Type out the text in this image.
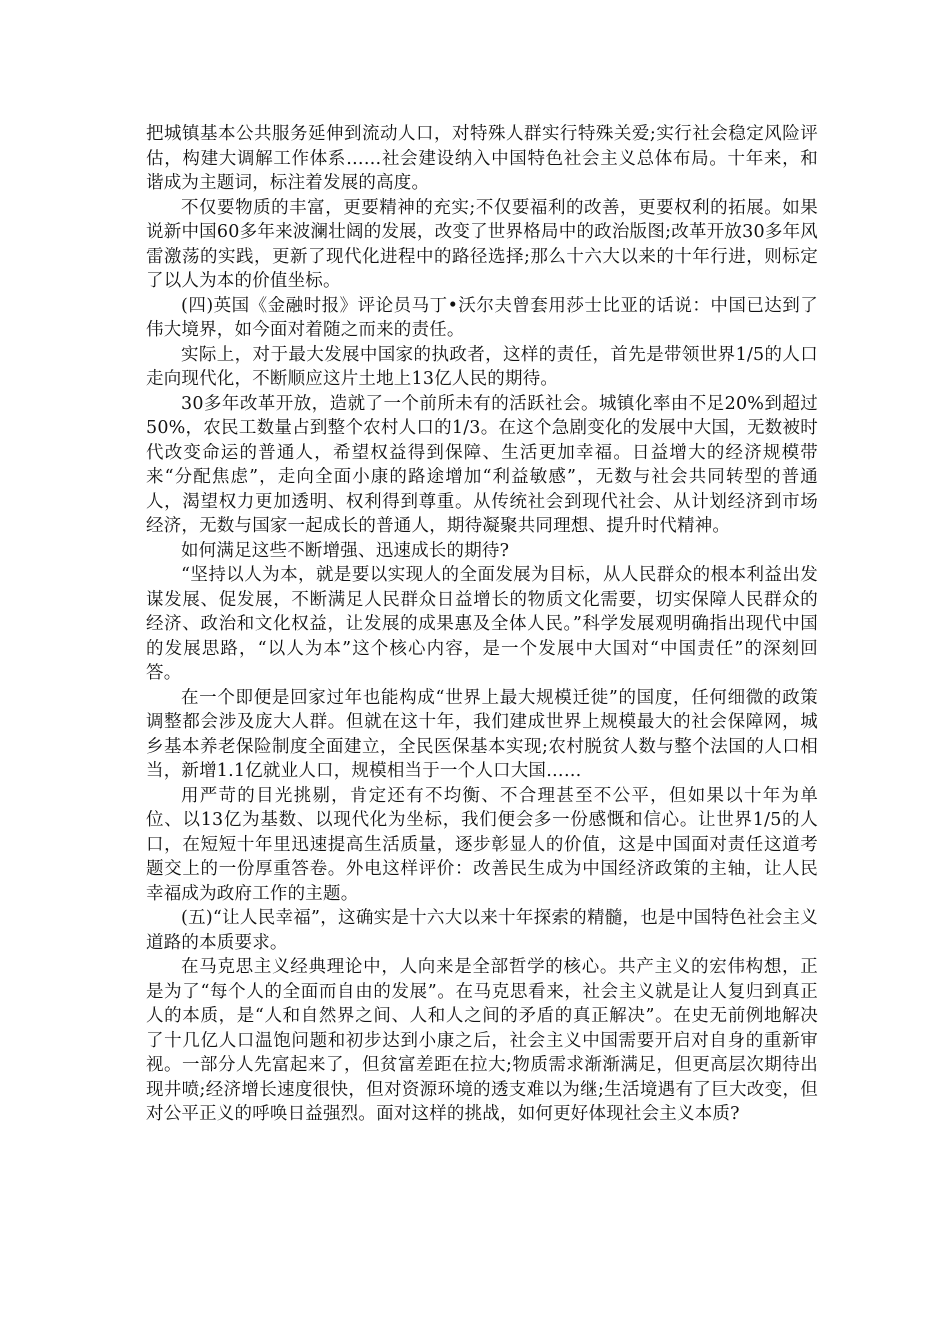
把城镇基本公共服务延伸到流动人口，对特殊人群实行特殊关爱;实行社会稳定风险评估，构建大调解工作体系……社会建设纳入中国特色社会主义总体布局。十年来，和谐成为主题词，标注着发展的高度。

不仅要物质的丰富，更要精神的充实;不仅要福利的改善，更要权利的拓展。如果说新中国60多年来波澜壮阔的发展，改变了世界格局中的政治版图;改革开放30多年风雷激荡的实践，更新了现代化进程中的路径选择;那么十六大以来的十年行进，则标定了以人为本的价值坐标。

(四)英国《金融时报》评论员马丁•沃尔夫曾套用莎士比亚的话说：中国已达到了伟大境界，如今面对着随之而来的责任。

实际上，对于最大发展中国家的执政者，这样的责任，首先是带领世界1/5的人口走向现代化，不断顺应这片土地上13亿人民的期待。

30多年改革开放，造就了一个前所未有的活跃社会。城镇化率由不足20%到超过50%，农民工数量占到整个农村人口的1/3。在这个急剧变化的发展中大国，无数被时代改变命运的普通人，希望权益得到保障、生活更加幸福。日益增大的经济规模带来“分配焦虑”，走向全面小康的路途增加“利益敏感”，无数与社会共同转型的普通人，渴望权力更加透明、权利得到尊重。从传统社会到现代社会、从计划经济到市场经济，无数与国家一起成长的普通人，期待凝聚共同理想、提升时代精神。

如何满足这些不断增强、迅速成长的期待?

“坚持以人为本，就是要以实现人的全面发展为目标，从人民群众的根本利益出发谋发展、促发展，不断满足人民群众日益增长的物质文化需要，切实保障人民群众的经济、政治和文化权益，让发展的成果惠及全体人民。”科学发展观明确指出现代中国的发展思路，“以人为本”这个核心内容，是一个发展中大国对“中国责任”的深刻回答。

在一个即便是回家过年也能构成“世界上最大规模迁徙”的国度，任何细微的政策调整都会涉及庞大人群。但就在这十年，我们建成世界上规模最大的社会保障网，城乡基本养老保险制度全面建立，全民医保基本实现;农村脱贫人数与整个法国的人口相当，新增1.1亿就业人口，规模相当于一个人口大国……

用严苛的目光挑剔，肯定还有不均衡、不合理甚至不公平，但如果以十年为单位、以13亿为基数、以现代化为坐标，我们便会多一份感慨和信心。让世界1/5的人口，在短短十年里迅速提高生活质量，逐步彰显人的价值，这是中国面对责任这道考题交上的一份厚重答卷。外电这样评价：改善民生成为中国经济政策的主轴，让人民幸福成为政府工作的主题。

(五)“让人民幸福”，这确实是十六大以来十年探索的精髓，也是中国特色社会主义道路的本质要求。

在马克思主义经典理论中，人向来是全部哲学的核心。共产主义的宏伟构想，正是为了“每个人的全面而自由的发展”。在马克思看来，社会主义就是让人复归到真正人的本质，是“人和自然界之间、人和人之间的矛盾的真正解决”。在史无前例地解决了十几亿人口温饱问题和初步达到小康之后，社会主义中国需要开启对自身的重新审视。一部分人先富起来了，但贫富差距在拉大;物质需求渐渐满足，但更高层次期待出现井喷;经济增长速度很快，但对资源环境的透支难以为继;生活境遇有了巨大改变，但对公平正义的呼唤日益强烈。面对这样的挑战，如何更好体现社会主义本质?
